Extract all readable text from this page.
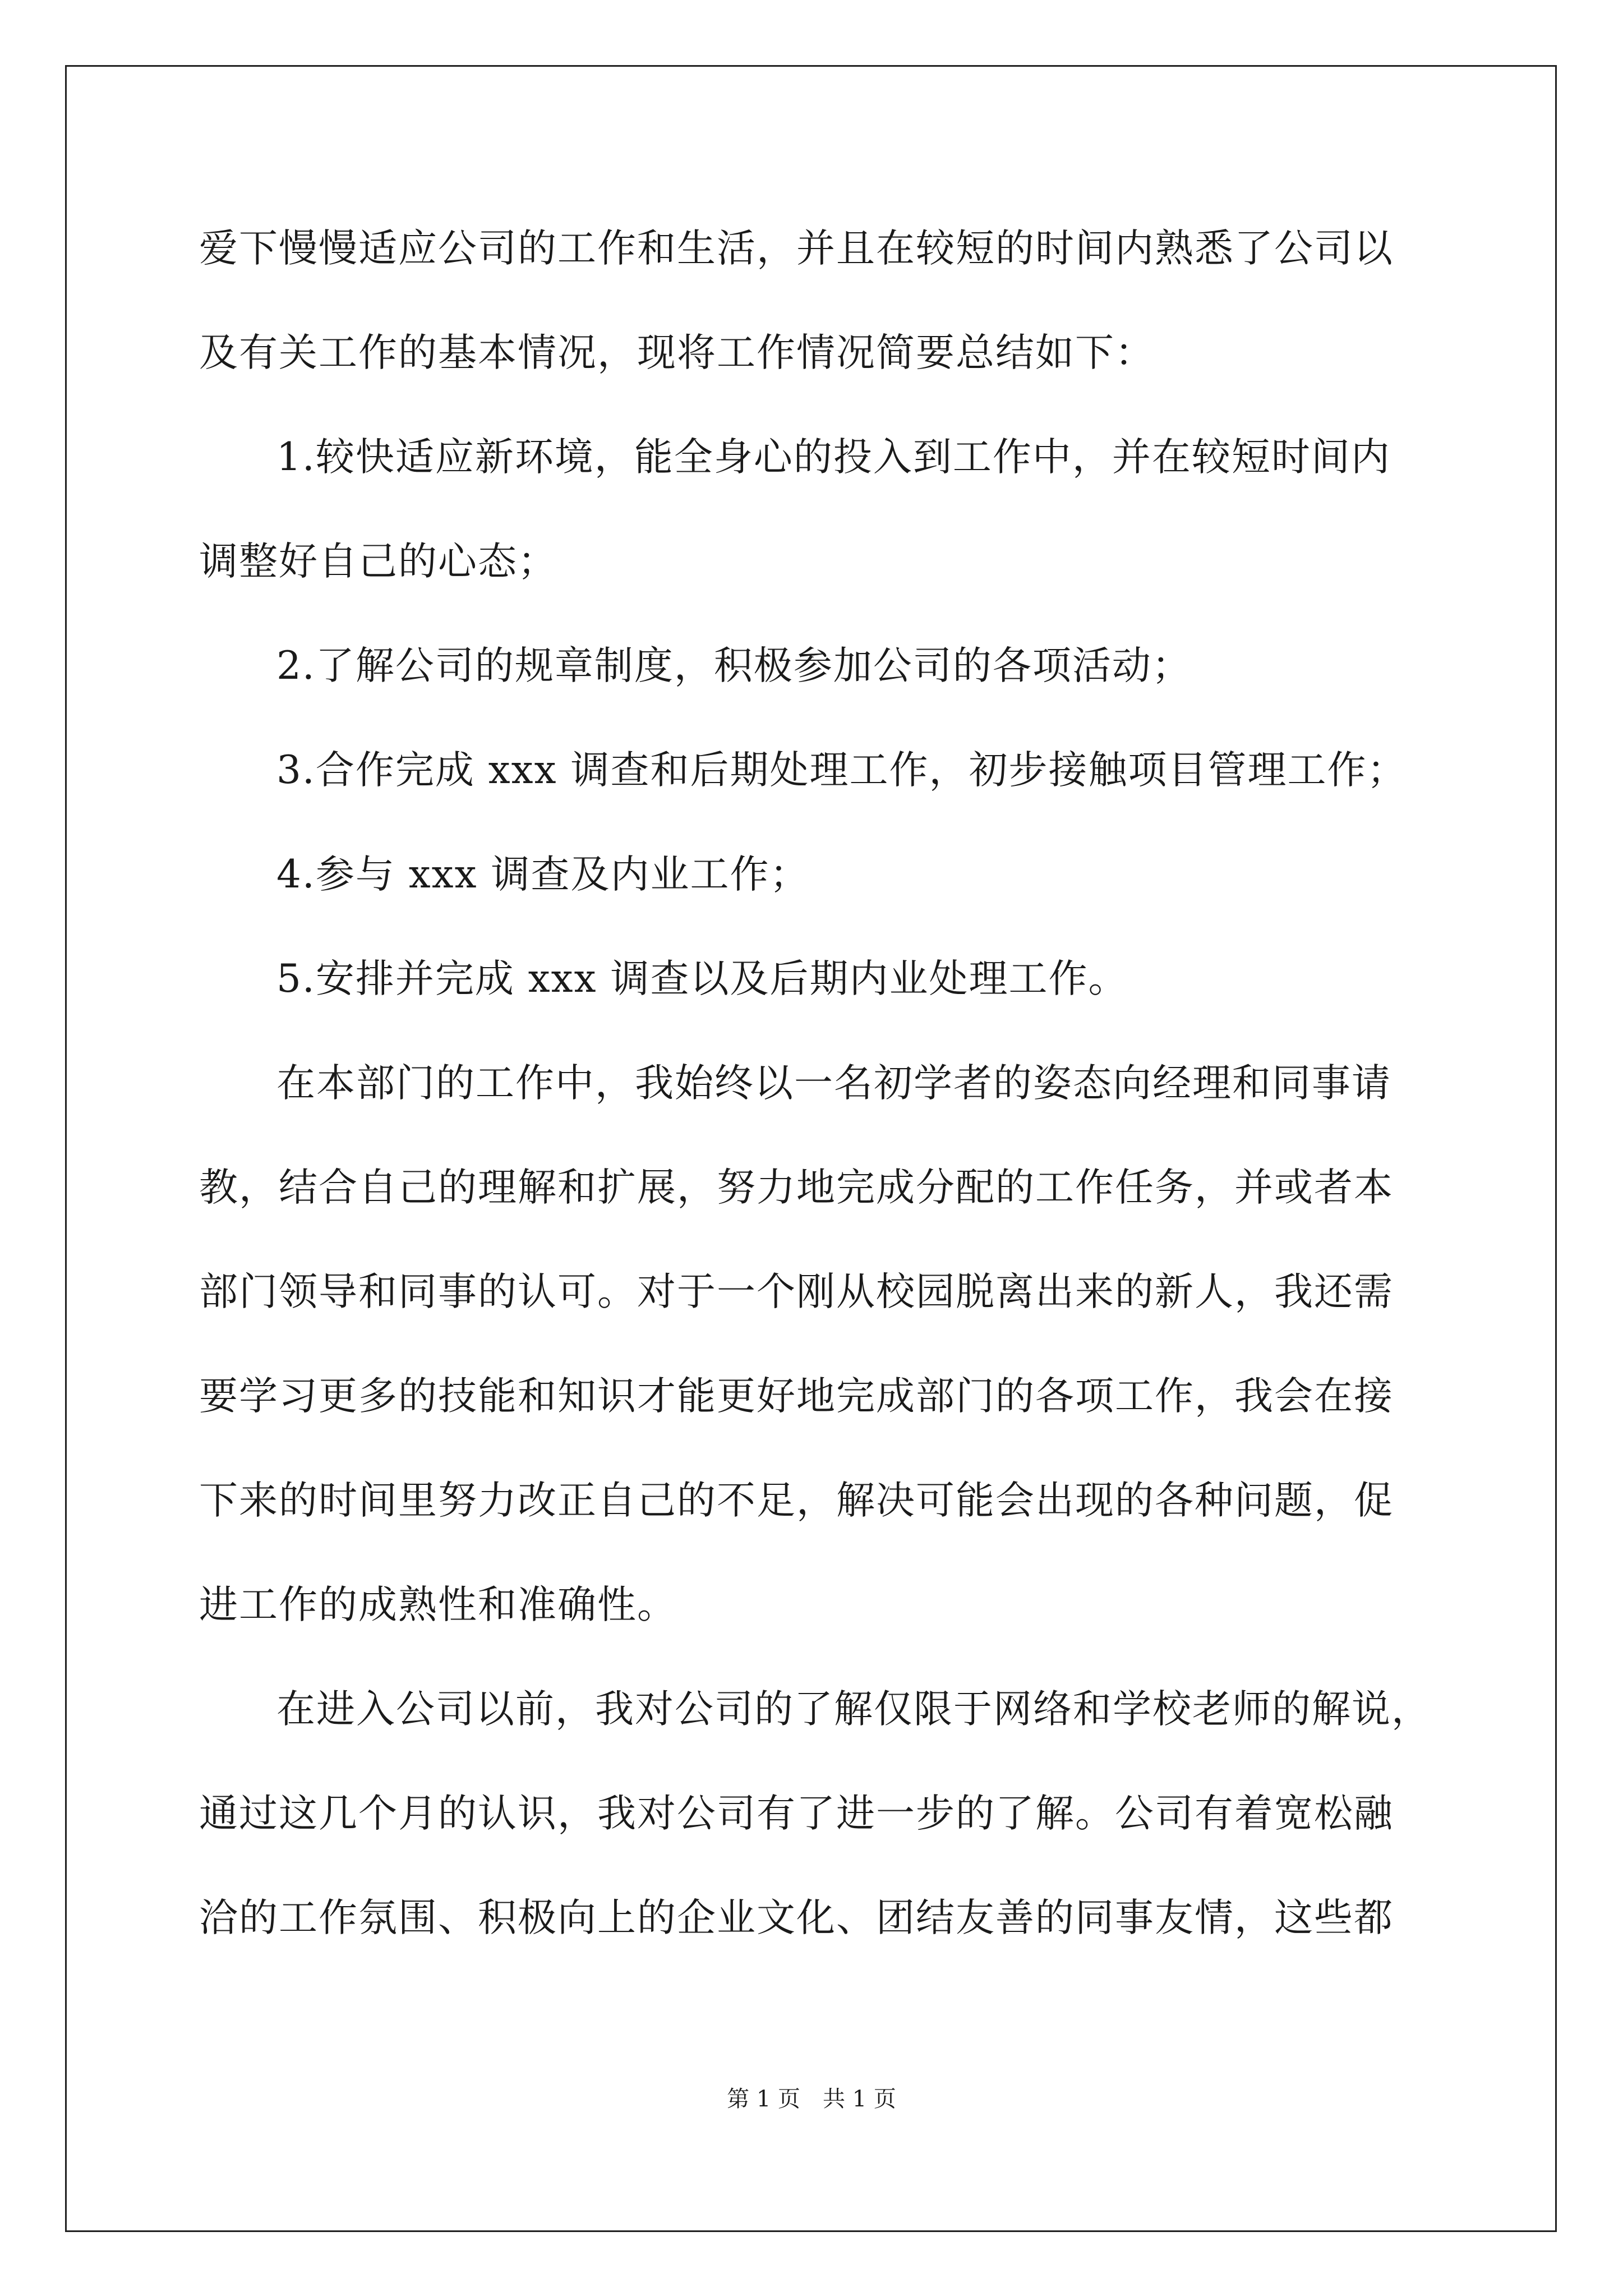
爱下慢慢适应公司的工作和生活，并且在较短的时间内熟悉了公司以
及有关工作的基本情况，现将工作情况简要总结如下：
1.较快适应新环境，能全身心的投入到工作中，并在较短时间内
调整好自己的心态；
2.了解公司的规章制度，积极参加公司的各项活动；
3.合作完成 xxx 调查和后期处理工作，初步接触项目管理工作；
4.参与 xxx 调查及内业工作；
5.安排并完成 xxx 调查以及后期内业处理工作。
在本部门的工作中，我始终以一名初学者的姿态向经理和同事请
教，结合自己的理解和扩展，努力地完成分配的工作任务，并或者本
部门领导和同事的认可。对于一个刚从校园脱离出来的新人，我还需
要学习更多的技能和知识才能更好地完成部门的各项工作，我会在接
下来的时间里努力改正自己的不足，解决可能会出现的各种问题，促
进工作的成熟性和准确性。
在进入公司以前，我对公司的了解仅限于网络和学校老师的解说，
通过这几个月的认识，我对公司有了进一步的了解。公司有着宽松融
洽的工作氛围、积极向上的企业文化、团结友善的同事友情，这些都
第 1 页　共 1 页
